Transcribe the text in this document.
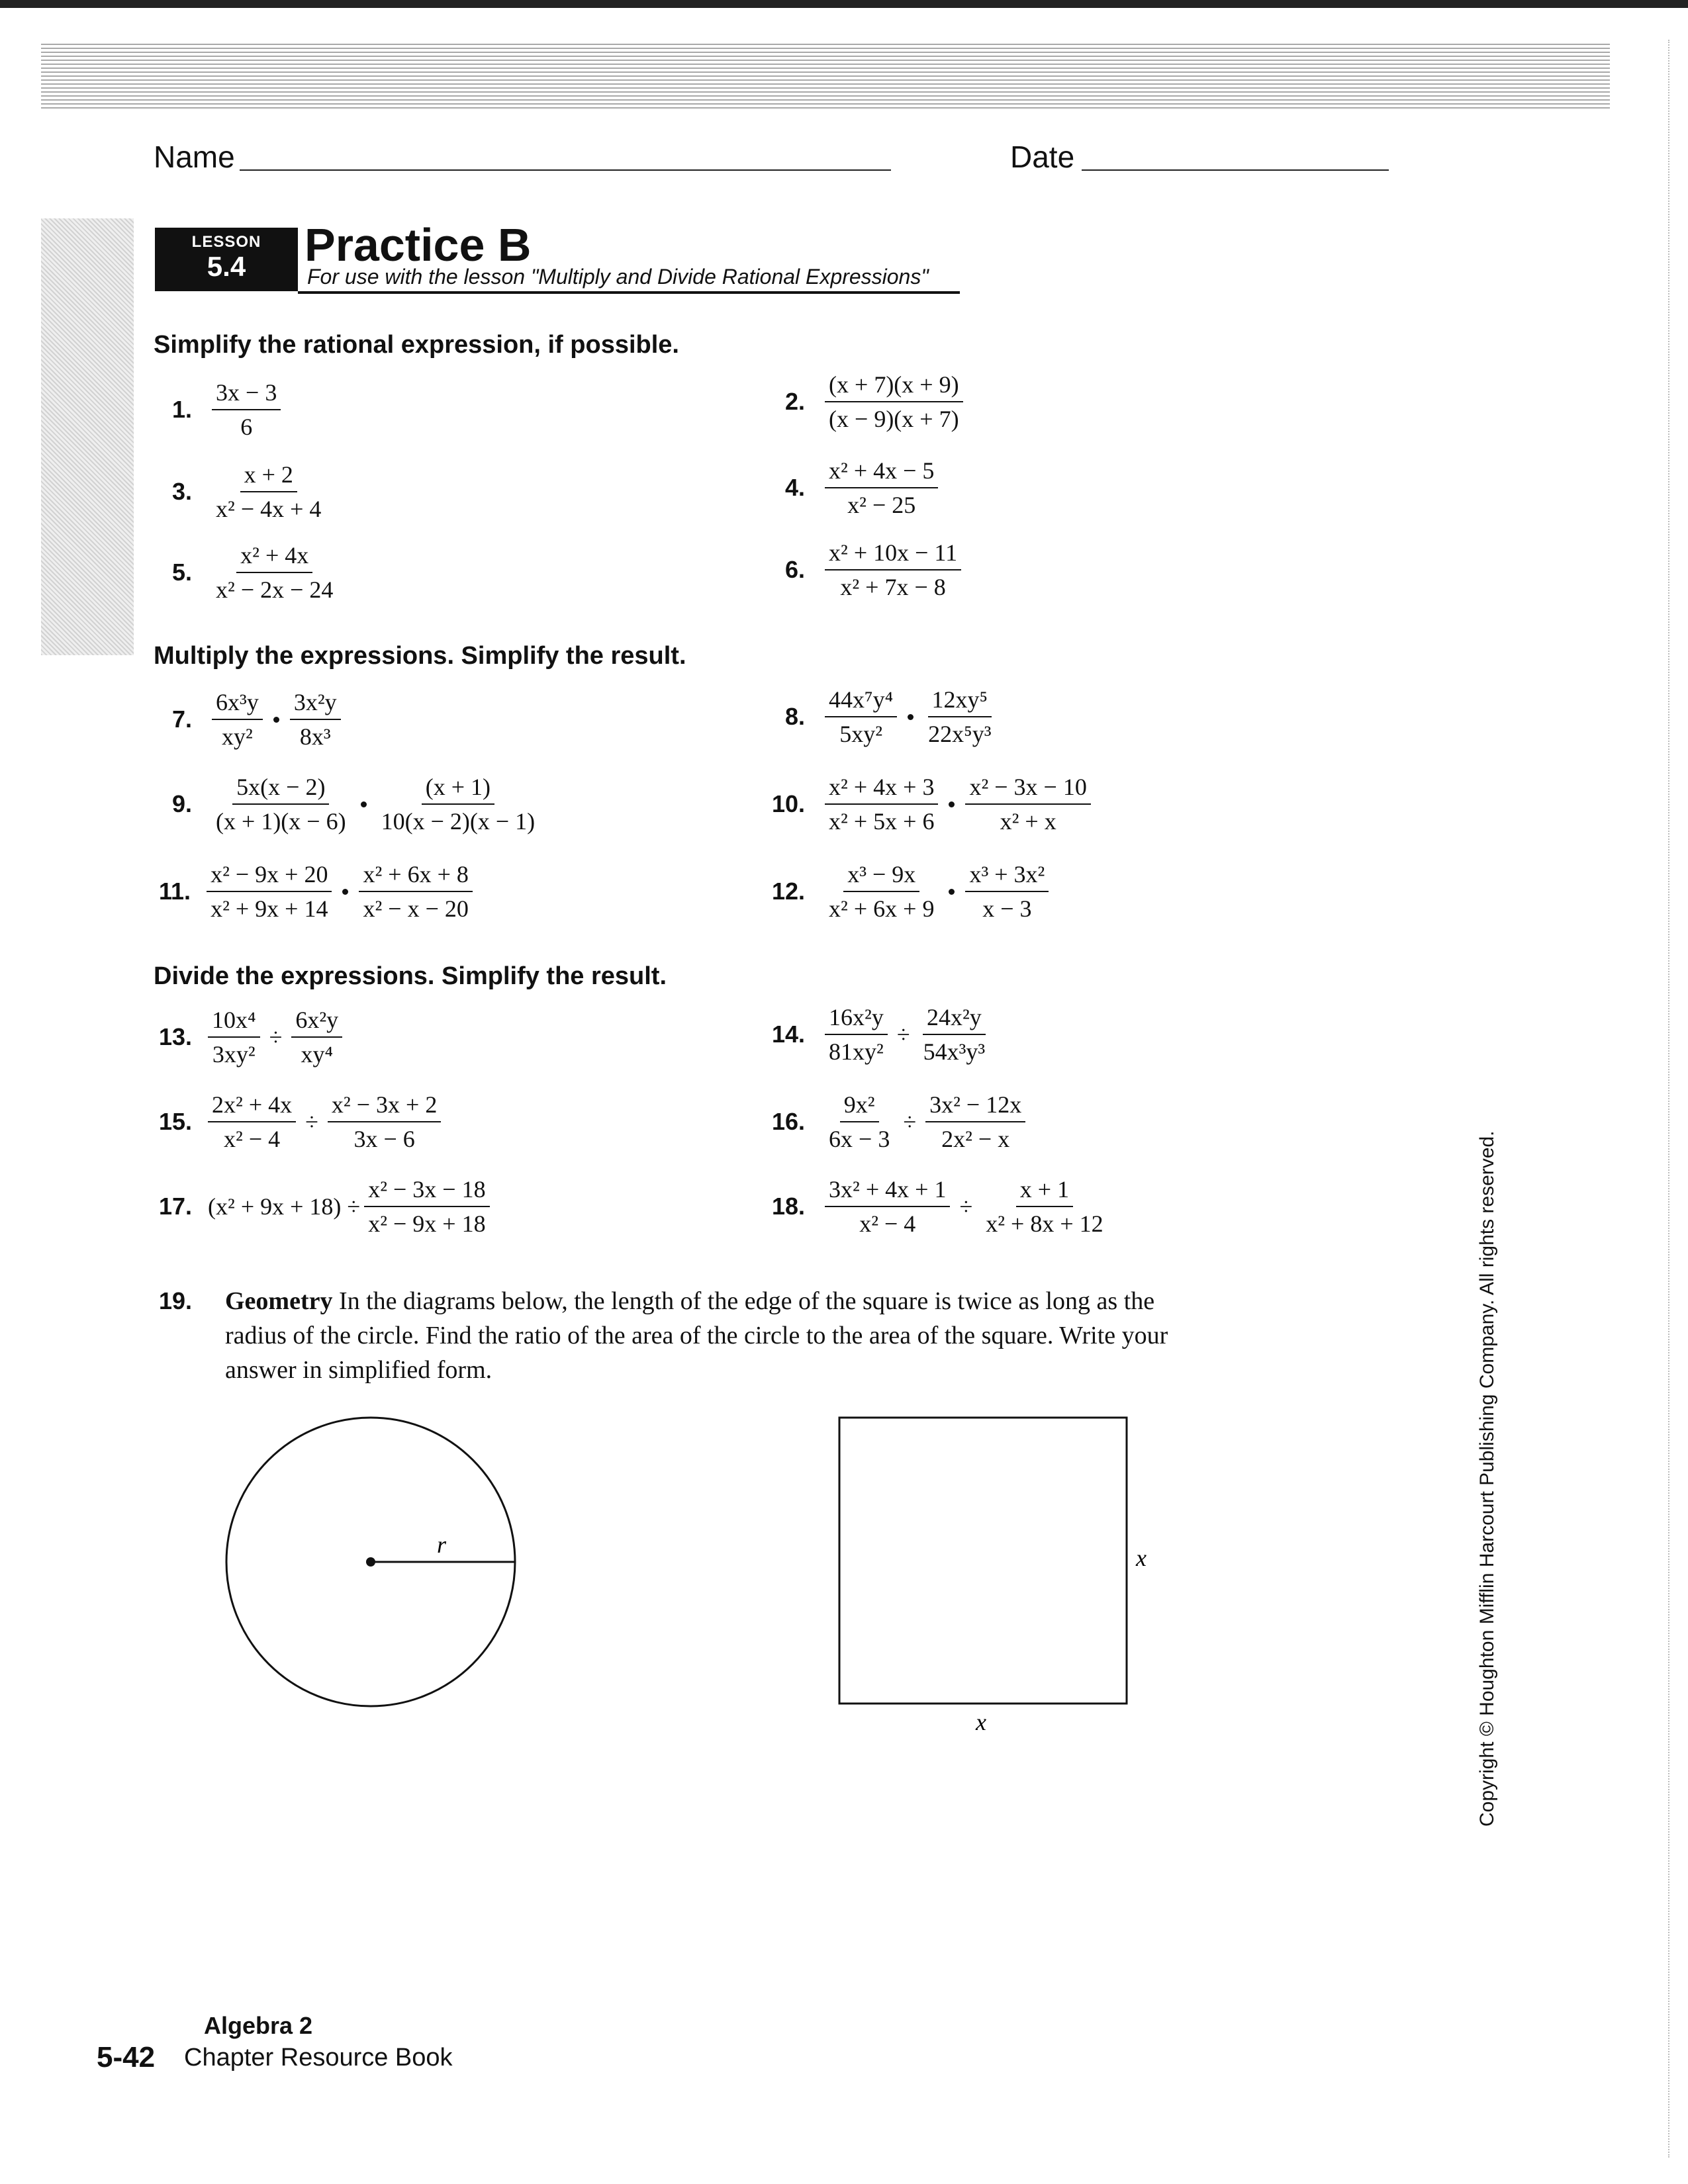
Name	Date
LESSON
5.4	Practice B
For use with the lesson "Multiply and Divide Rational Expressions"
Simplify the rational expression, if possible.
1. $\frac{3x - 3}{6}$	2. $\frac{(x + 7)(x + 9)}{(x - 9)(x + 7)}$
3. $\frac{x + 2}{\text{x² − 4x + 4}}$	4. $\frac{\text{x² + 4x − 5}}{\text{x² − 25}}$
5. $\frac{\text{x² + 4x}}{\text{x² − 2x − 24}}$	6. $\frac{\text{x² + 10x − 11}}{\text{x² + 7x − 8}}$
Multiply the expressions. Simplify the result.
7. $\frac{\text{6x³y}}{\text{xy²}} \frac{\text{3x²y}}{\text{8x³}}$	8. $\frac{\text{44x⁷y⁴}}{\text{5xy²}} \frac{\text{12xy⁵}}{\text{22x⁵y³}}$
9. $\frac{5x(x - 2)}{(x + 1)(x - 6)} \frac{(x + 1)}{10(x - 2)(x - 1)}$	10. $\frac{\text{x² + 4x + 3}}{\text{x² + 5x + 6}} \frac{\text{x² − 3x − 10}}{\text{x² + x}}$
11. $\frac{\text{x² − 9x + 20}}{\text{x² + 9x + 14}} \frac{\text{x² + 6x + 8}}{\text{x² − x − 20}}$	12. $\frac{\text{x³ − 9x}}{\text{x² + 6x + 9}} \frac{\text{x³ + 3x²}}{x - 3}$
Divide the expressions. Simplify the result.
13. $\frac{\text{10x⁴}}{\text{3xy²}} \div \frac{\text{6x²y}}{\text{xy⁴}}$	14. $\frac{\text{16x²y}}{\text{81xy²}} \div \frac{\text{24x²y}}{\text{54x³y³}}$
15. $\frac{\text{2x² + 4x}}{\text{x² − 4}} \div \frac{\text{x² − 3x + 2}}{3x - 6}$	16. $\frac{\text{9x²}}{6x - 3} \div \frac{\text{3x² − 12x}}{\text{2x² − x}}$
17. $(x^2 + 9x + 18) \div \frac{\text{x² − 3x − 18}}{\text{x² − 9x + 18}}$	18. $\frac{\text{3x² + 4x + 1}}{\text{x² − 4}} \div \frac{x + 1}{\text{x² + 8x + 12}}$
19. Geometry In the diagrams below, the length of the edge of the square is twice as long as the radius of the circle. Find the ratio of the area of the circle to the area of the square. Write your answer in simplified form.
r	x
x	Copyright © Houghton Mifflin Harcourt Publishing Company. All rights reserved.
Algebra 2
5-42 Chapter Resource Book
